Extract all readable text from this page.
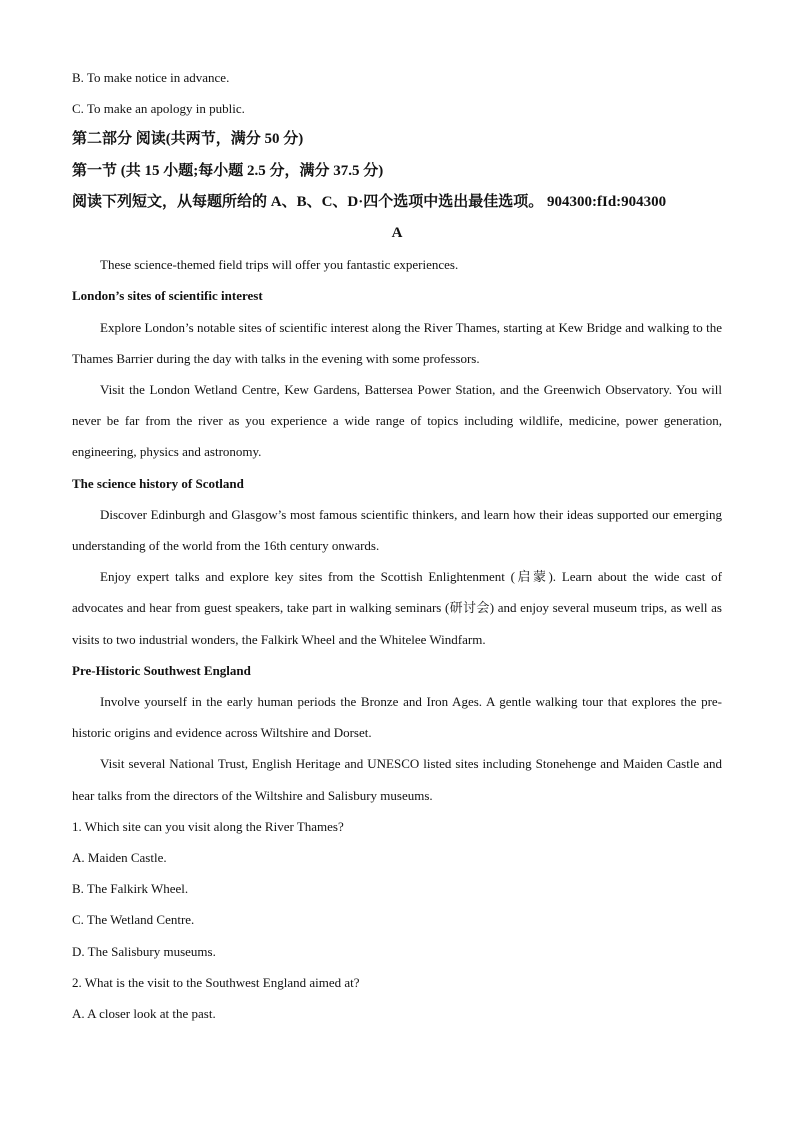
B. To make notice in advance.
C. To make an apology in public.
第二部分 阅读(共两节，满分 50 分)
第一节 (共 15 小题;每小题 2.5 分，满分 37.5 分)
阅读下列短文，从每题所给的 A、B、C、D·四个选项中选出最佳选项。 904300:fId:904300
A
These science-themed field trips will offer you fantastic experiences.
London’s sites of scientific interest
Explore London’s notable sites of scientific interest along the River Thames, starting at Kew Bridge and walking to the Thames Barrier during the day with talks in the evening with some professors.
Visit the London Wetland Centre, Kew Gardens, Battersea Power Station, and the Greenwich Observatory. You will never be far from the river as you experience a wide range of topics including wildlife, medicine, power generation, engineering, physics and astronomy.
The science history of Scotland
Discover Edinburgh and Glasgow’s most famous scientific thinkers, and learn how their ideas supported our emerging understanding of the world from the 16th century onwards.
Enjoy expert talks and explore key sites from the Scottish Enlightenment (启蒙). Learn about the wide cast of advocates and hear from guest speakers, take part in walking seminars (研讨会) and enjoy several museum trips, as well as visits to two industrial wonders, the Falkirk Wheel and the Whitelee Windfarm.
Pre-Historic Southwest England
Involve yourself in the early human periods the Bronze and Iron Ages. A gentle walking tour that explores the pre-historic origins and evidence across Wiltshire and Dorset.
Visit several National Trust, English Heritage and UNESCO listed sites including Stonehenge and Maiden Castle and hear talks from the directors of the Wiltshire and Salisbury museums.
1. Which site can you visit along the River Thames?
A. Maiden Castle.
B. The Falkirk Wheel.
C. The Wetland Centre.
D. The Salisbury museums.
2. What is the visit to the Southwest England aimed at?
A. A closer look at the past.
